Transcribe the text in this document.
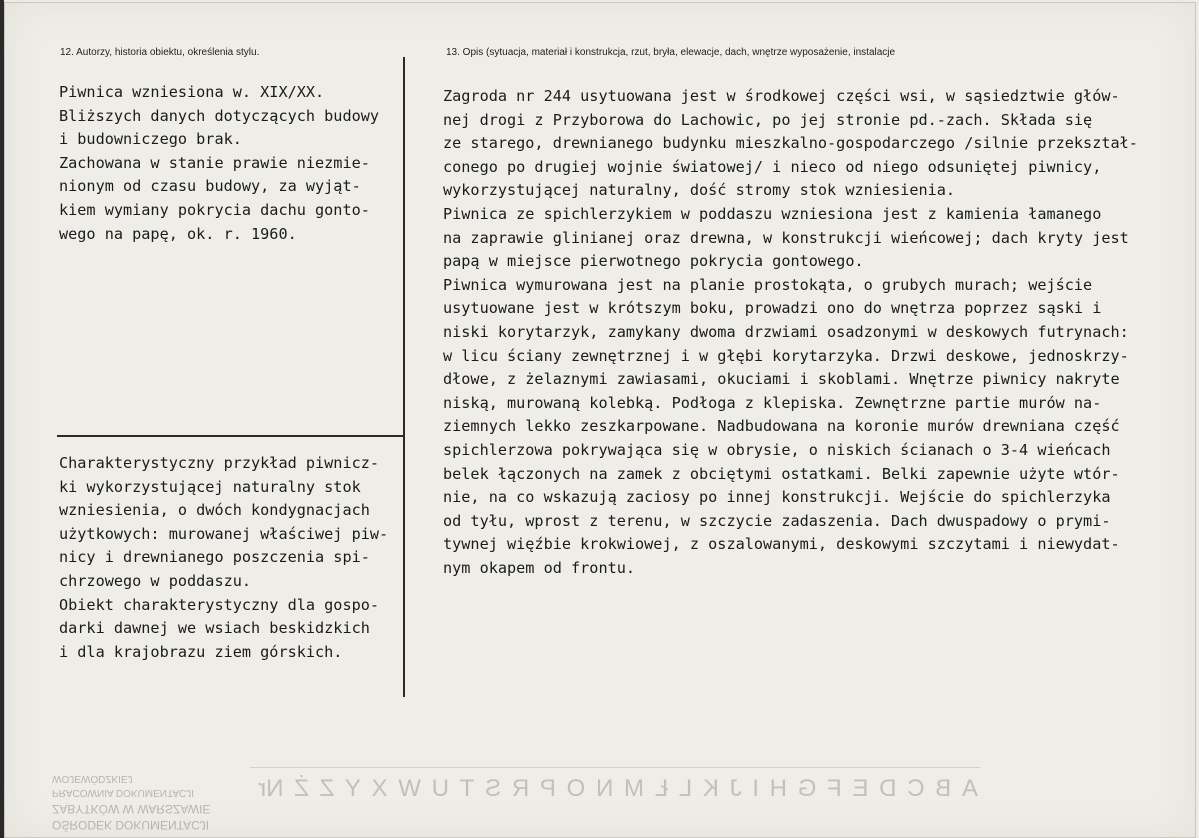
OŚRODEK DOKUMENTACJI
ZABYTKÓW W WARSZAWIE
PRACOWNIA DOKUMENTACJI
WOJEWÓDZKIEJ	A
B
C
D
E
F
G
H
I
J
K
L
Ł
M
N
O
P
R
S
T
U
W
X
Y
Z
Ż
Nr
12. Autorzy, historia obiektu, określenia stylu.	13. Opis (sytuacja, materiał i konstrukcja, rzut, bryła, elewacje, dach, wnętrze wyposażenie, instalacje
Piwnica wzniesiona w. XIX/XX.
Bliższych danych dotyczących budowy
i budowniczego brak.
Zachowana w stanie prawie niezmie-
nionym od czasu budowy, za wyjąt-
kiem wymiany pokrycia dachu gonto-
wego na papę, ok. r. 1960.
Charakterystyczny przykład piwnicz-
ki wykorzystującej naturalny stok
wzniesienia, o dwóch kondygnacjach
użytkowych: murowanej właściwej piw-
nicy i drewnianego poszczenia spi-
chrzowego w poddaszu.
Obiekt charakterystyczny dla gospo-
darki dawnej we wsiach beskidzkich
i dla krajobrazu ziem górskich.
Zagroda nr 244 usytuowana jest w środkowej części wsi, w sąsiedztwie głów-
nej drogi z Przyborowa do Lachowic, po jej stronie pd.-zach. Składa się
ze starego, drewnianego budynku mieszkalno-gospodarczego /silnie przekształ-
conego po drugiej wojnie światowej/ i nieco od niego odsuniętej piwnicy,
wykorzystującej naturalny, dość stromy stok wzniesienia.
Piwnica ze spichlerzykiem w poddaszu wzniesiona jest z kamienia łamanego
na zaprawie glinianej oraz drewna, w konstrukcji wieńcowej; dach kryty jest
papą w miejsce pierwotnego pokrycia gontowego.
Piwnica wymurowana jest na planie prostokąta, o grubych murach; wejście
usytuowane jest w krótszym boku, prowadzi ono do wnętrza poprzez sąski i
niski korytarzyk, zamykany dwoma drzwiami osadzonymi w deskowych futrynach:
w licu ściany zewnętrznej i w głębi korytarzyka. Drzwi deskowe, jednoskrzy-
dłowe, z żelaznymi zawiasami, okuciami i skoblami. Wnętrze piwnicy nakryte
niską, murowaną kolebką. Podłoga z klepiska. Zewnętrzne partie murów na-
ziemnych lekko zeszkarpowane. Nadbudowana na koronie murów drewniana część
spichlerzowa pokrywająca się w obrysie, o niskich ścianach o 3-4 wieńcach
belek łączonych na zamek z obciętymi ostatkami. Belki zapewnie użyte wtór-
nie, na co wskazują zaciosy po innej konstrukcji. Wejście do spichlerzyka
od tyłu, wprost z terenu, w szczycie zadaszenia. Dach dwuspadowy o prymi-
tywnej więźbie krokwiowej, z oszalowanymi, deskowymi szczytami i niewydat-
nym okapem od frontu.
